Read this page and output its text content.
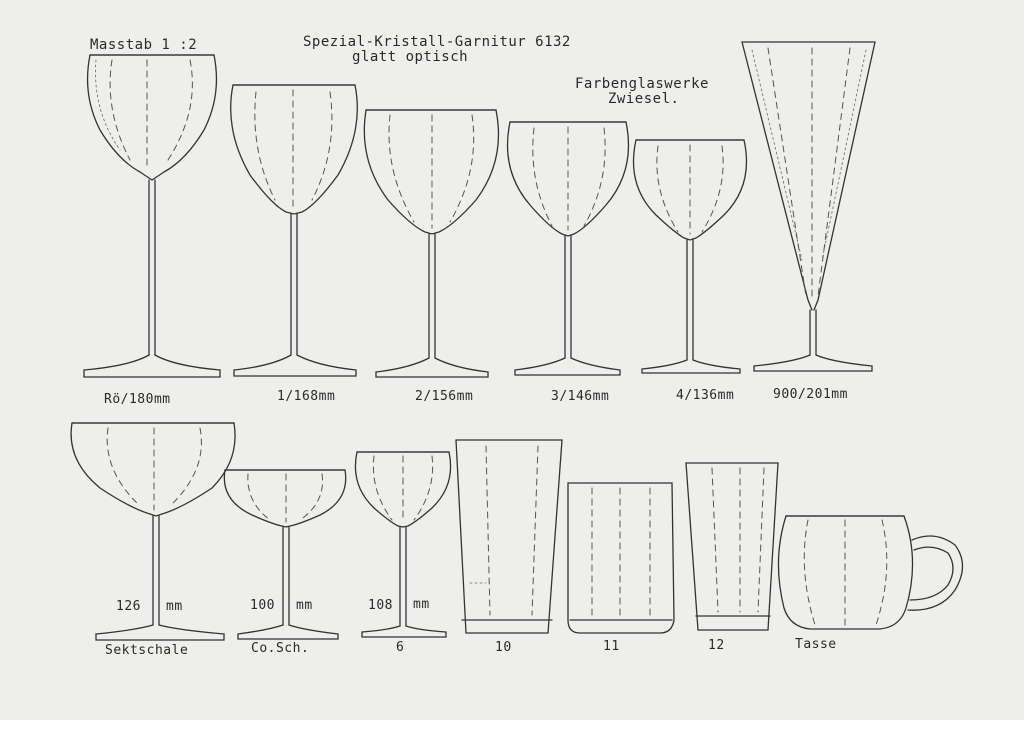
Masstab 1 :2	Spezial-Kristall-Garnitur 6132
glatt optisch
Farbenglaswerke
Zwiesel.
Rö/180mm	1/168mm	2/156mm	3/146mm	4/136mm	900/201mm
126 mm	100 mm	108 mm
Sektschale	Co.Sch.	6	10	11	12	Tasse
